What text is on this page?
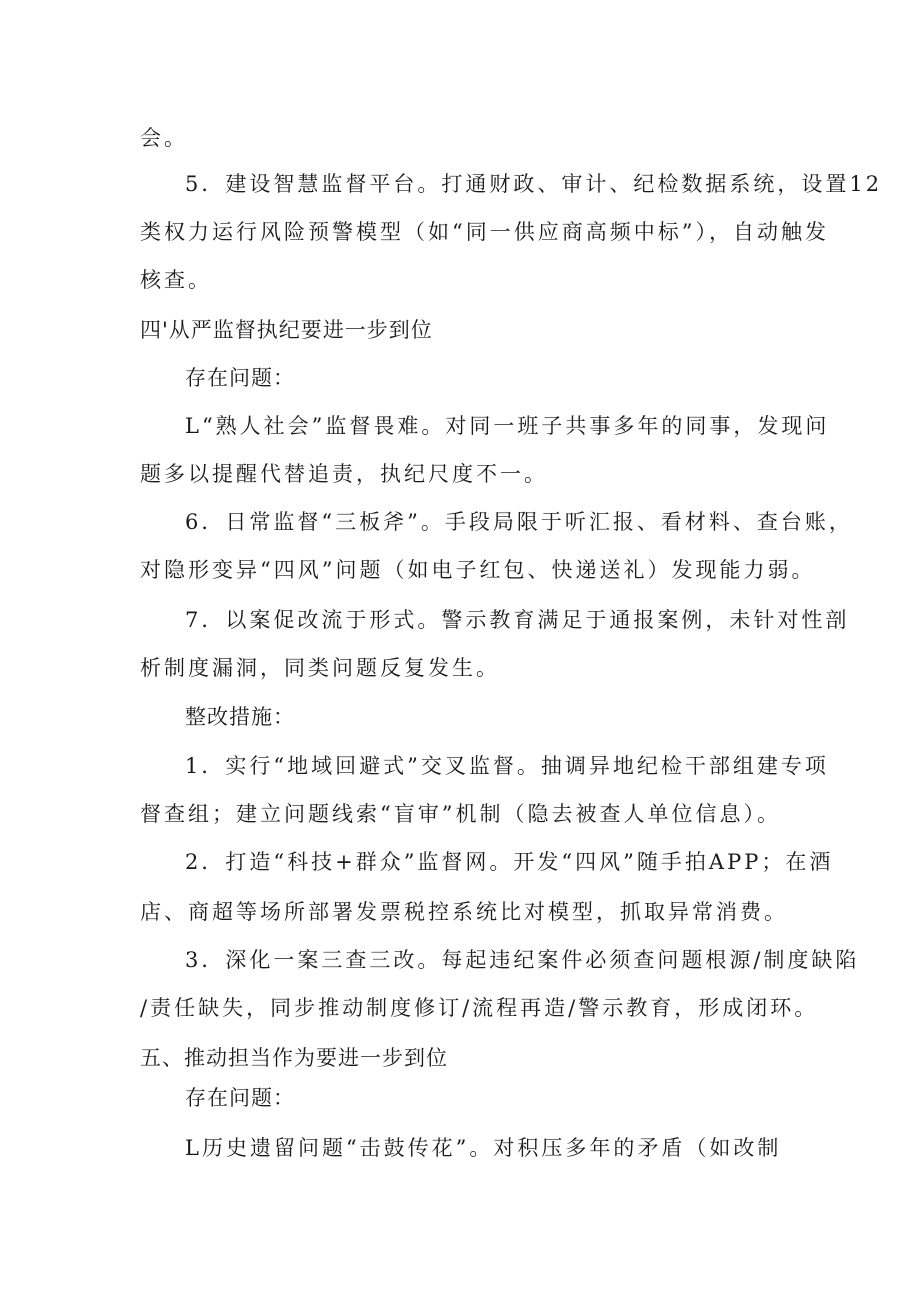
会。
5．建设智慧监督平台。打通财政、审计、纪检数据系统，设置12
类权力运行风险预警模型（如“同一供应商高频中标”），自动触发
核查。
四'从严监督执纪要进一步到位
存在问题：
L“熟人社会”监督畏难。对同一班子共事多年的同事，发现问
题多以提醒代替追责，执纪尺度不一。
6．日常监督“三板斧”。手段局限于听汇报、看材料、查台账，
对隐形变异“四风”问题（如电子红包、快递送礼）发现能力弱。
7．以案促改流于形式。警示教育满足于通报案例，未针对性剖
析制度漏洞，同类问题反复发生。
整改措施：
1．实行“地域回避式”交叉监督。抽调异地纪检干部组建专项
督查组；建立问题线索“盲审”机制（隐去被查人单位信息）。
2．打造“科技+群众”监督网。开发“四风”随手拍APP；在酒
店、商超等场所部署发票税控系统比对模型，抓取异常消费。
3．深化一案三查三改。每起违纪案件必须查问题根源/制度缺陷
/责任缺失，同步推动制度修订/流程再造/警示教育，形成闭环。
五、推动担当作为要进一步到位
存在问题：
L历史遗留问题“击鼓传花”。对积压多年的矛盾（如改制
